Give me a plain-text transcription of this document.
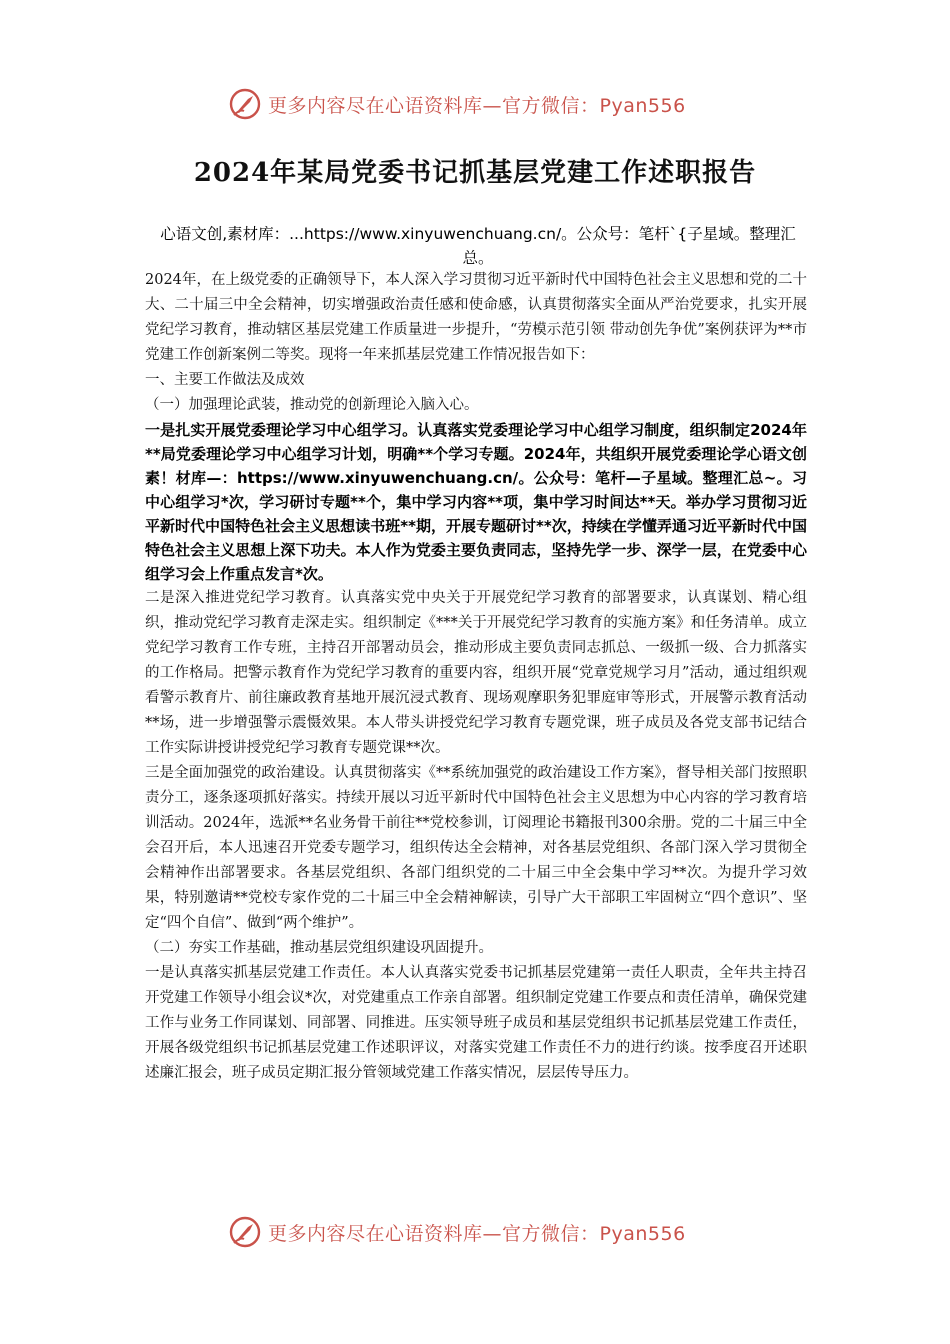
更多内容尽在心语资料库—官方微信：Pyan556
2024年某局党委书记抓基层党建工作述职报告
心语文创,素材库：...https://www.xinyuwenchuang.cn/。公众号：笔杆`{子星域。整理汇总。

2024年，在上级党委的正确领导下，本人深入学习贯彻习近平新时代中国特色社会主义思想和党的二十大、二十届三中全会精神，切实增强政治责任感和使命感，认真贯彻落实全面从严治党要求，扎实开展党纪学习教育，推动辖区基层党建工作质量进一步提升，“劳模示范引领 带动创先争优”案例获评为**市党建工作创新案例二等奖。现将一年来抓基层党建工作情况报告如下：

一、主要工作做法及成效

（一）加强理论武装，推动党的创新理论入脑入心。

一是扎实开展党委理论学习中心组学习。认真落实党委理论学习中心组学习制度，组织制定2024年**局党委理论学习中心组学习计划，明确**个学习专题。2024年，共组织开展党委理论学心语文创素！材库—：https://www.xinyuwenchuang.cn/。公众号：笔杆—子星域。整理汇总~。习中心组学习*次，学习研讨专题**个，集中学习内容**项，集中学习时间达**天。举办学习贯彻习近平新时代中国特色社会主义思想读书班**期，开展专题研讨**次，持续在学懂弄通习近平新时代中国特色社会主义思想上深下功夫。本人作为党委主要负责同志，坚持先学一步、深学一层，在党委中心组学习会上作重点发言*次。

二是深入推进党纪学习教育。认真落实党中央关于开展党纪学习教育的部署要求，认真谋划、精心组织，推动党纪学习教育走深走实。组织制定《***关于开展党纪学习教育的实施方案》和任务清单。成立党纪学习教育工作专班，主持召开部署动员会，推动形成主要负责同志抓总、一级抓一级、合力抓落实的工作格局。把警示教育作为党纪学习教育的重要内容，组织开展“党章党规学习月”活动，通过组织观看警示教育片、前往廉政教育基地开展沉浸式教育、现场观摩职务犯罪庭审等形式，开展警示教育活动**场，进一步增强警示震慑效果。本人带头讲授党纪学习教育专题党课，班子成员及各党支部书记结合工作实际讲授讲授党纪学习教育专题党课**次。

三是全面加强党的政治建设。认真贯彻落实《**系统加强党的政治建设工作方案》，督导相关部门按照职责分工，逐条逐项抓好落实。持续开展以习近平新时代中国特色社会主义思想为中心内容的学习教育培训活动。2024年，选派**名业务骨干前往**党校参训，订阅理论书籍报刊300余册。党的二十届三中全会召开后，本人迅速召开党委专题学习，组织传达全会精神，对各基层党组织、各部门深入学习贯彻全会精神作出部署要求。各基层党组织、各部门组织党的二十届三中全会集中学习**次。为提升学习效果，特别邀请**党校专家作党的二十届三中全会精神解读，引导广大干部职工牢固树立“四个意识”、坚定“四个自信”、做到“两个维护”。

（二）夯实工作基础，推动基层党组织建设巩固提升。

一是认真落实抓基层党建工作责任。本人认真落实党委书记抓基层党建第一责任人职责，全年共主持召开党建工作领导小组会议*次，对党建重点工作亲自部署。组织制定党建工作要点和责任清单，确保党建工作与业务工作同谋划、同部署、同推进。压实领导班子成员和基层党组织书记抓基层党建工作责任，开展各级党组织书记抓基层党建工作述职评议，对落实党建工作责任不力的进行约谈。按季度召开述职述廉汇报会，班子成员定期汇报分管领域党建工作落实情况，层层传导压力。

更多内容尽在心语资料库—官方微信：Pyan556
